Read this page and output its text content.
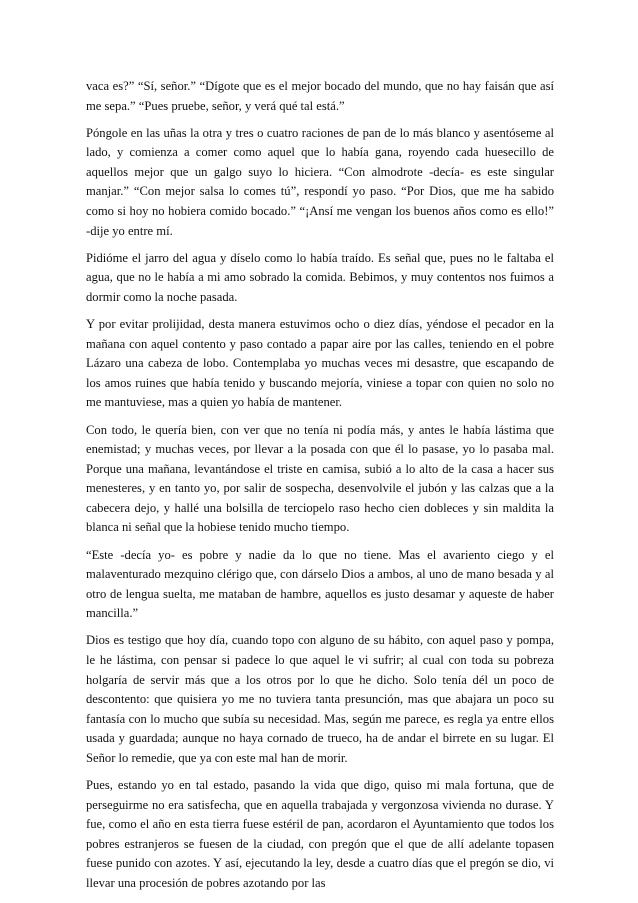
vaca es?” “Sí, señor.” “Dígote que es el mejor bocado del mundo, que no hay faisán que así me sepa.” “Pues pruebe, señor, y verá qué tal está.”

Póngole en las uñas la otra y tres o cuatro raciones de pan de lo más blanco y asentóseme al lado, y comienza a comer como aquel que lo había gana, royendo cada huesecillo de aquellos mejor que un galgo suyo lo hiciera. “Con almodrote -decía- es este singular manjar.” “Con mejor salsa lo comes tú”, respondí yo paso. “Por Dios, que me ha sabido como si hoy no hobiera comido bocado.” “¡Ansí me vengan los buenos años como es ello!” -dije yo entre mí.

Pidióme el jarro del agua y díselo como lo había traído. Es señal que, pues no le faltaba el agua, que no le había a mi amo sobrado la comida. Bebimos, y muy contentos nos fuimos a dormir como la noche pasada.

Y por evitar prolijidad, desta manera estuvimos ocho o diez días, yéndose el pecador en la mañana con aquel contento y paso contado a papar aire por las calles, teniendo en el pobre Lázaro una cabeza de lobo. Contemplaba yo muchas veces mi desastre, que escapando de los amos ruines que había tenido y buscando mejoría, viniese a topar con quien no solo no me mantuviese, mas a quien yo había de mantener.

Con todo, le quería bien, con ver que no tenía ni podía más, y antes le había lástima que enemistad; y muchas veces, por llevar a la posada con que él lo pasase, yo lo pasaba mal. Porque una mañana, levantándose el triste en camisa, subió a lo alto de la casa a hacer sus menesteres, y en tanto yo, por salir de sospecha, desenvolvile el jubón y las calzas que a la cabecera dejo, y hallé una bolsilla de terciopelo raso hecho cien dobleces y sin maldita la blanca ni señal que la hobiese tenido mucho tiempo.

“Este -decía yo- es pobre y nadie da lo que no tiene. Mas el avariento ciego y el malaventurado mezquino clérigo que, con dárselo Dios a ambos, al uno de mano besada y al otro de lengua suelta, me mataban de hambre, aquellos es justo desamar y aqueste de haber mancilla.”

Dios es testigo que hoy día, cuando topo con alguno de su hábito, con aquel paso y pompa, le he lástima, con pensar si padece lo que aquel le vi sufrir; al cual con toda su pobreza holgaría de servir más que a los otros por lo que he dicho. Solo tenía dél un poco de descontento: que quisiera yo me no tuviera tanta presunción, mas que abajara un poco su fantasía con lo mucho que subía su necesidad. Mas, según me parece, es regla ya entre ellos usada y guardada; aunque no haya cornado de trueco, ha de andar el birrete en su lugar. El Señor lo remedie, que ya con este mal han de morir.

Pues, estando yo en tal estado, pasando la vida que digo, quiso mi mala fortuna, que de perseguirme no era satisfecha, que en aquella trabajada y vergonzosa vivienda no durase. Y fue, como el año en esta tierra fuese estéril de pan, acordaron el Ayuntamiento que todos los pobres estranjeros se fuesen de la ciudad, con pregón que el que de allí adelante topasen fuese punido con azotes. Y así, ejecutando la ley, desde a cuatro días que el pregón se dio, vi llevar una procesión de pobres azotando por las
